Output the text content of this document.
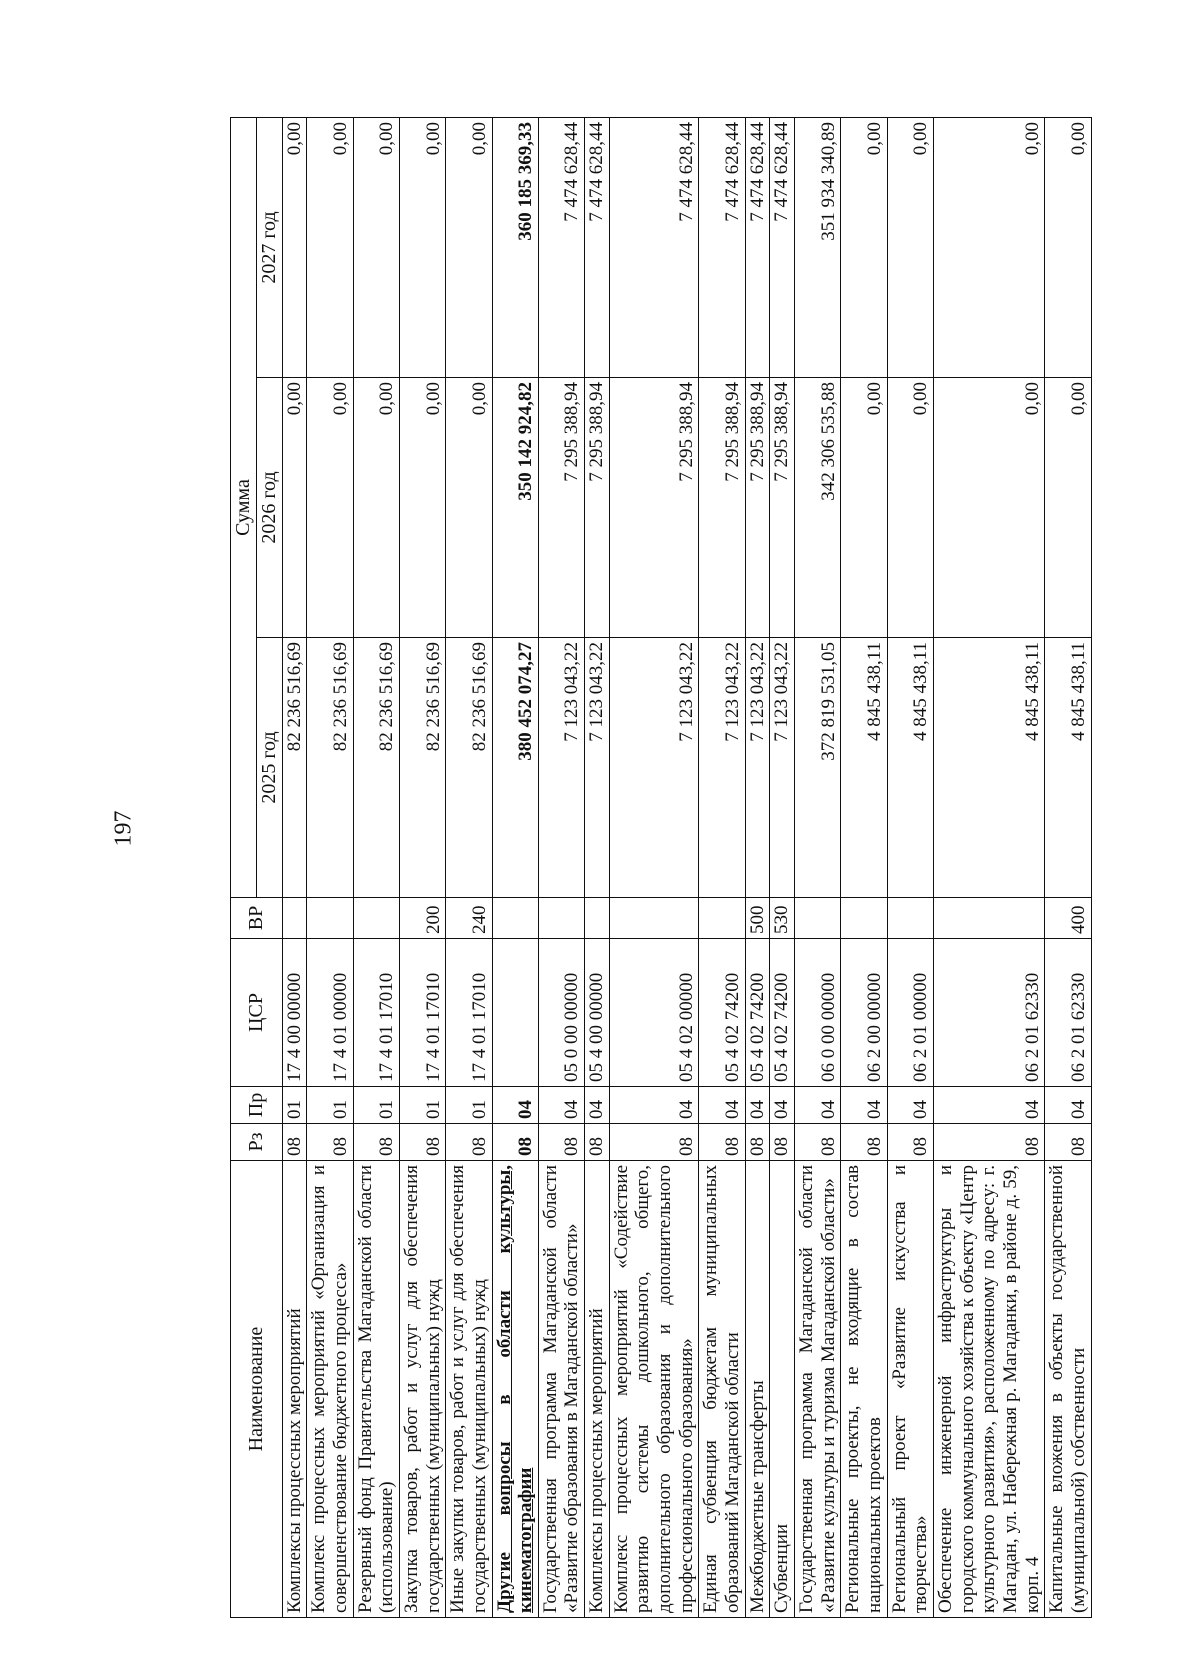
197
Наименование	Рз	Пр	ЦСР	ВР	Сумма		
					2025 год	2026 год	2027 год
Комплексы процессных мероприятий	08	01	17 4 00 00000		82 236 516,69	0,00	0,00
Комплекс процессных мероприятий «Организация и совершенствование бюджетного процесса»	08	01	17 4 01 00000		82 236 516,69	0,00	0,00
Резервный фонд Правительства Магаданской области (использование)	08	01	17 4 01 17010		82 236 516,69	0,00	0,00
Закупка товаров, работ и услуг для обеспечения государственных (муниципальных) нужд	08	01	17 4 01 17010	200	82 236 516,69	0,00	0,00
Иные закупки товаров, работ и услуг для обеспечения государственных (муниципальных) нужд	08	01	17 4 01 17010	240	82 236 516,69	0,00	0,00
Другие вопросы в области культуры, кинематографии	08	04			380 452 074,27	350 142 924,82	360 185 369,33
Государственная программа Магаданской области «Развитие образования в Магаданской области»	08	04	05 0 00 00000		7 123 043,22	7 295 388,94	7 474 628,44
Комплексы процессных мероприятий	08	04	05 4 00 00000		7 123 043,22	7 295 388,94	7 474 628,44
Комплекс процессных мероприятий «Содействие развитию системы дошкольного, общего, дополнительного образования и дополнительного профессионального образования»	08	04	05 4 02 00000		7 123 043,22	7 295 388,94	7 474 628,44
Единая субвенция бюджетам муниципальных образований Магаданской области	08	04	05 4 02 74200		7 123 043,22	7 295 388,94	7 474 628,44
Межбюджетные трансферты	08	04	05 4 02 74200	500	7 123 043,22	7 295 388,94	7 474 628,44
Субвенции	08	04	05 4 02 74200	530	7 123 043,22	7 295 388,94	7 474 628,44
Государственная программа Магаданской области «Развитие культуры и туризма Магаданской области»	08	04	06 0 00 00000		372 819 531,05	342 306 535,88	351 934 340,89
Региональные проекты, не входящие в состав национальных проектов	08	04	06 2 00 00000		4 845 438,11	0,00	0,00
Региональный проект «Развитие искусства и творчества»	08	04	06 2 01 00000		4 845 438,11	0,00	0,00
Обеспечение инженерной инфраструктуры и городского коммунального хозяйства к объекту «Центр культурного развития», расположенному по адресу: г. Магадан, ул. Набережная р. Магаданки, в районе д. 59, корп. 4	08	04	06 2 01 62330		4 845 438,11	0,00	0,00
Капитальные вложения в объекты государственной (муниципальной) собственности	08	04	06 2 01 62330	400	4 845 438,11	0,00	0,00
